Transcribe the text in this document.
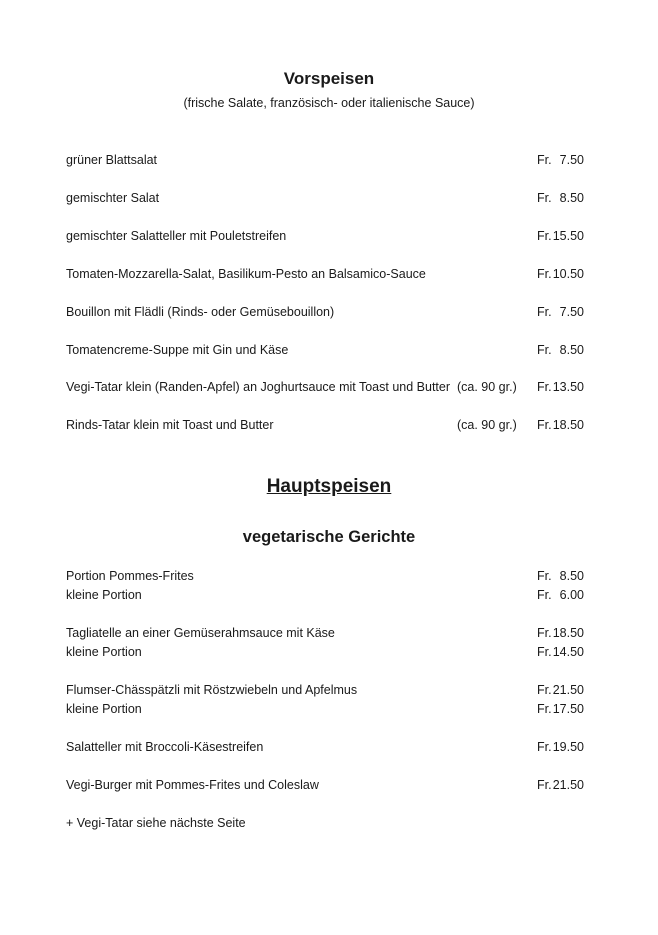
Vorspeisen

(frische Salate, französisch- oder italienische Sauce)

grüner Blattsalat	Fr. 7.50
gemischter Salat	Fr. 8.50
gemischter Salatteller mit Pouletstreifen	Fr. 15.50
Tomaten-Mozzarella-Salat, Basilikum-Pesto an Balsamico-Sauce	Fr. 10.50
Bouillon mit Flädli (Rinds- oder Gemüsebouillon)	Fr. 7.50
Tomatencreme-Suppe mit Gin und Käse	Fr. 8.50
Vegi-Tatar klein (Randen-Apfel) an Joghurtsauce mit Toast und Butter (ca. 90 gr.) Fr. 13.50
Rinds-Tatar klein mit Toast und Butter	(ca. 90 gr.) Fr. 18.50
Hauptspeisen
vegetarische Gerichte
Portion Pommes-Frites	Fr. 8.50
kleine Portion	Fr. 6.00
Tagliatelle an einer Gemüserahmsauce mit Käse	Fr. 18.50
kleine Portion	Fr. 14.50
Flumser-Chässpätzli mit Röstzwiebeln und Apfelmus	Fr. 21.50
kleine Portion	Fr. 17.50
Salatteller mit Broccoli-Käsestreifen	Fr. 19.50
Vegi-Burger mit Pommes-Frites und Coleslaw	Fr. 21.50
+ Vegi-Tatar siehe nächste Seite
